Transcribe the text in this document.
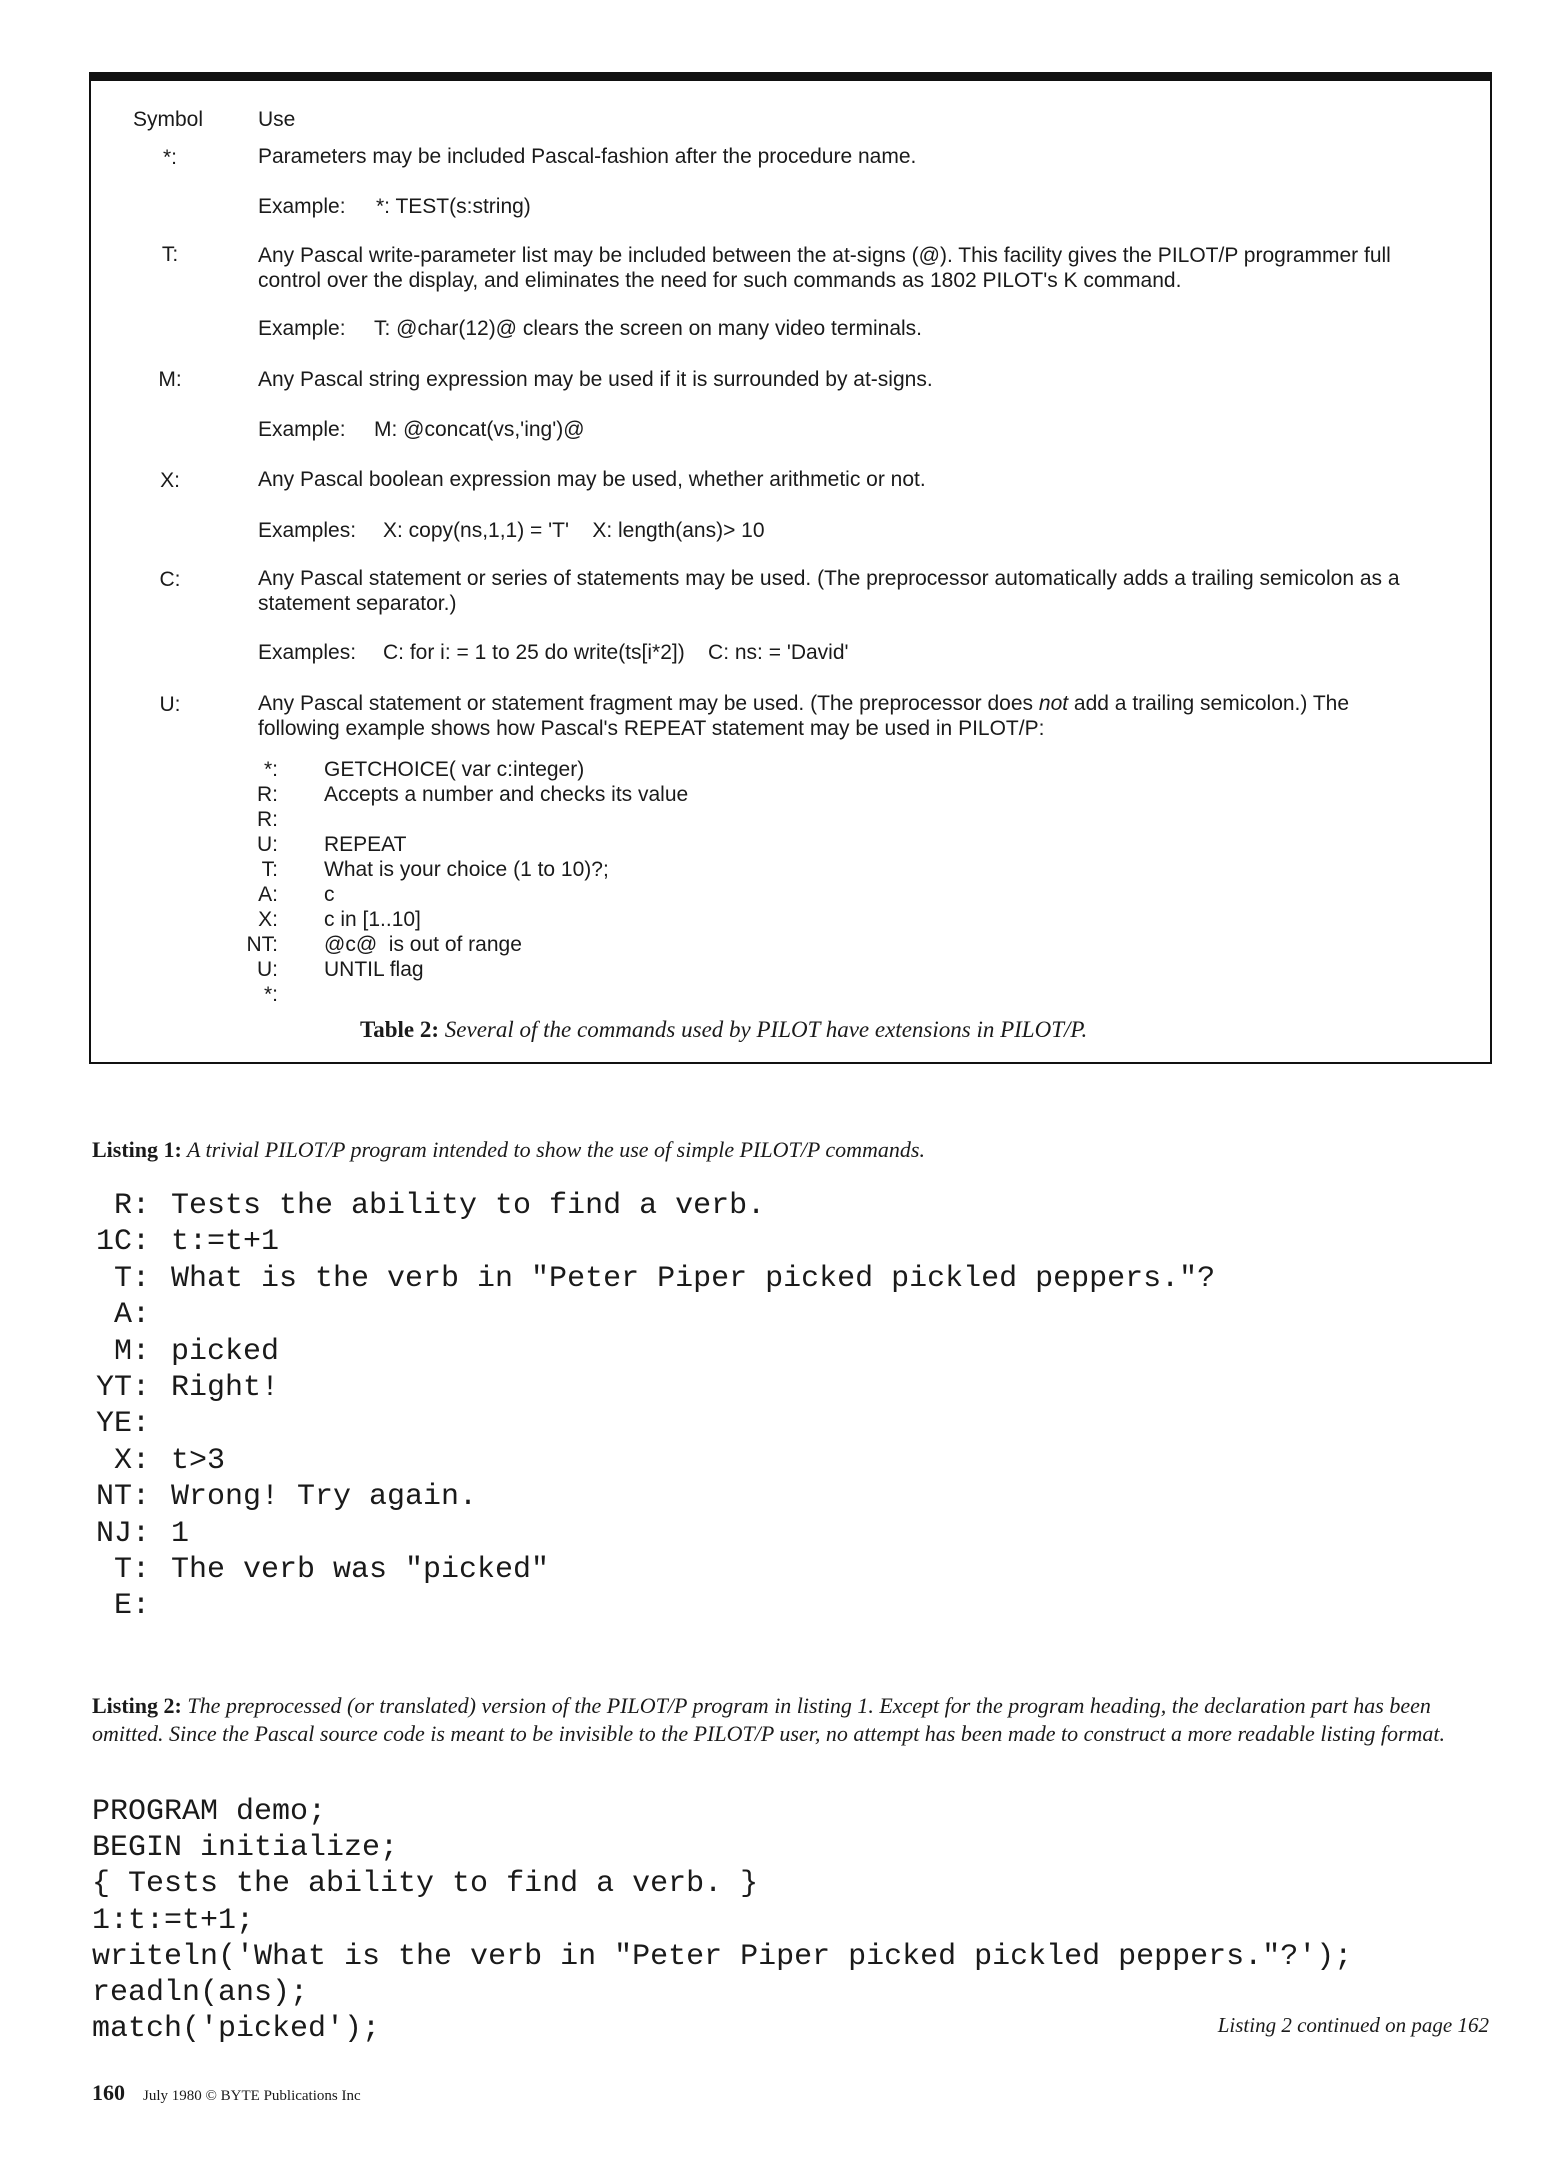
Symbol	Use
*:	Parameters may be included Pascal-fashion after the procedure name.
Example: *: TEST(s:string)
T:	Any Pascal write-parameter list may be included between the at-signs (@). This facility gives the PILOT/P programmer full control over the display, and eliminates the need for such commands as 1802 PILOT's K command.
Example: T: @char(12)@ clears the screen on many video terminals.
M:	Any Pascal string expression may be used if it is surrounded by at-signs.
Example: M: @concat(vs,'ing')@
X:	Any Pascal boolean expression may be used, whether arithmetic or not.
Examples: X: copy(ns,1,1) = 'T'    X: length(ans)> 10
C:	Any Pascal statement or series of statements may be used. (The preprocessor automatically adds a trailing semicolon as a statement separator.)
Examples: C: for i: = 1 to 25 do write(ts[i*2])    C: ns: = 'David'
U:	Any Pascal statement or statement fragment may be used. (The preprocessor does not add a trailing semicolon.) The following example shows how Pascal's REPEAT statement may be used in PILOT/P:
*: GETCHOICE( var c:integer)
R: Accepts a number and checks its value
R:
U: REPEAT
T: What is your choice (1 to 10)?;
A: c
X: c in [1..10]
NT: @c@  is out of range
U: UNTIL flag
*:
Table 2: Several of the commands used by PILOT have extensions in PILOT/P.
Listing 1: A trivial PILOT/P program intended to show the use of simple PILOT/P commands.
R: Tests the ability to find a verb.
1C: t:=t+1
T: What is the verb in "Peter Piper picked pickled peppers."?
A:
M: picked
YT: Right!
YE:
X: t>3
NT: Wrong! Try again.
NJ: 1
T: The verb was "picked"
E:
Listing 2: The preprocessed (or translated) version of the PILOT/P program in listing 1. Except for the program heading, the declaration part has been omitted. Since the Pascal source code is meant to be invisible to the PILOT/P user, no attempt has been made to construct a more readable listing format.
PROGRAM demo;
BEGIN initialize;
{ Tests the ability to find a verb. }
1:t:=t+1;
writeln('What is the verb in "Peter Piper picked pickled peppers."?');
readln(ans);
match('picked');	Listing 2 continued on page 162
160 July 1980 © BYTE Publications Inc
